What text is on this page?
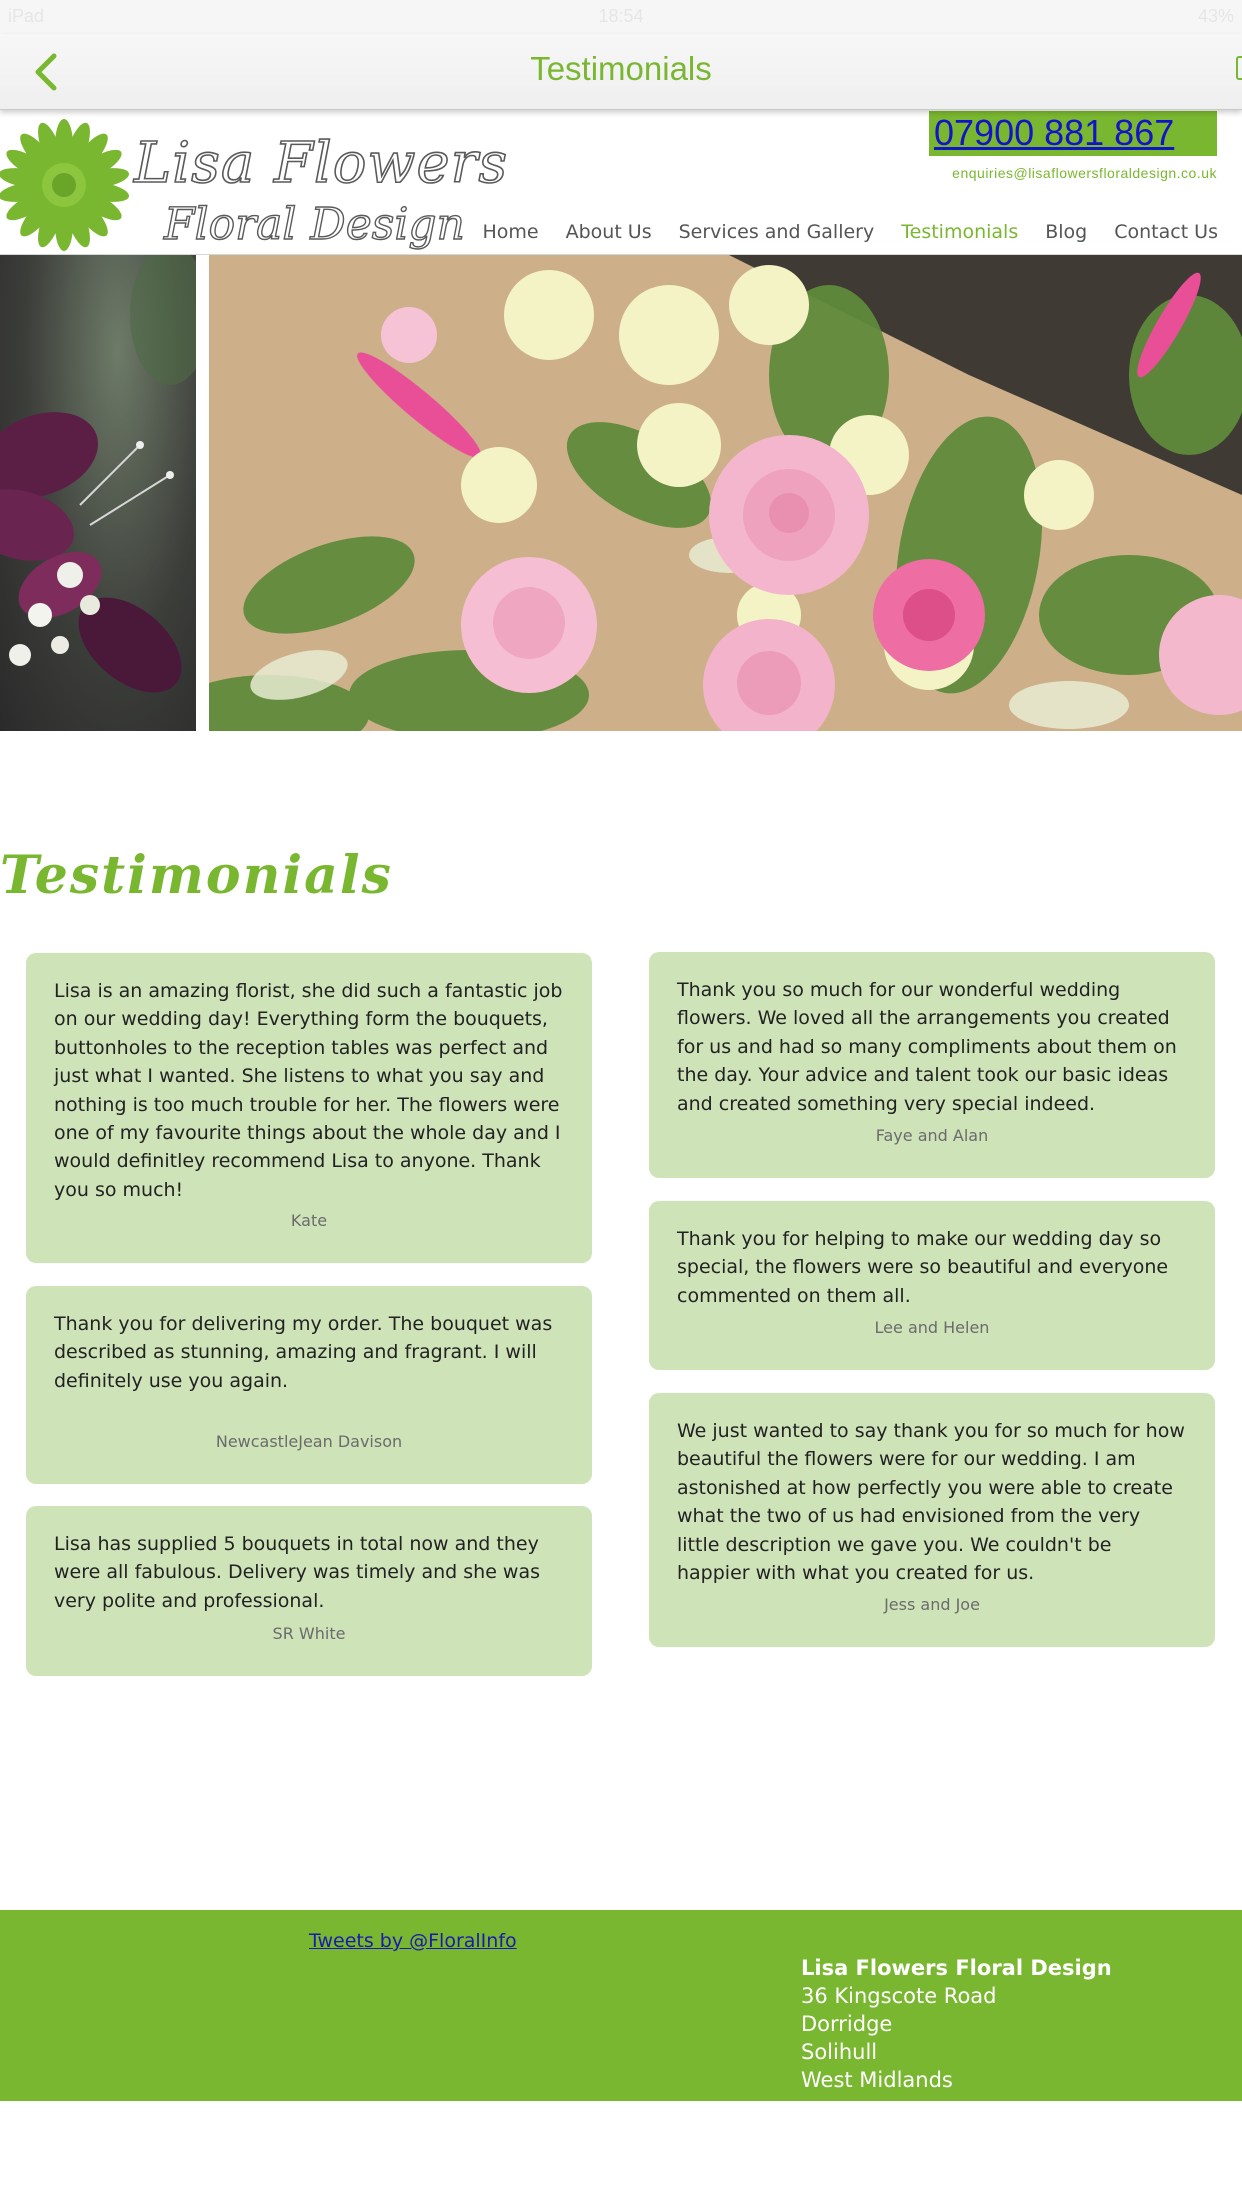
iPad	18:54	43%
Testimonials
Lisa Flowers
Floral Design
07900 881 867
enquiries@lisaflowersfloraldesign.co.uk
Home About Us Services and Gallery Testimonials Blog Contact Us
Testimonials

Lisa is an amazing florist, she did such a fantastic job on our wedding day! Everything form the bouquets, buttonholes to the reception tables was perfect and just what I wanted. She listens to what you say and nothing is too much trouble for her. The flowers were one of my favourite things about the whole day and I would definitley recommend Lisa to anyone. Thank you so much!

Kate

Thank you for delivering my order. The bouquet was described as stunning, amazing and fragrant. I will definitely use you again.

NewcastleJean Davison

Lisa has supplied 5 bouquets in total now and they were all fabulous. Delivery was timely and she was very polite and professional.

SR White

Thank you so much for our wonderful wedding flowers. We loved all the arrangements you created for us and had so many compliments about them on the day. Your advice and talent took our basic ideas and created something very special indeed.

Faye and Alan

Thank you for helping to make our wedding day so special, the flowers were so beautiful and everyone commented on them all.

Lee and Helen

We just wanted to say thank you for so much for how beautiful the flowers were for our wedding. I am astonished at how perfectly you were able to create what the two of us had envisioned from the very little description we gave you. We couldn't be happier with what you created for us.

Jess and Joe
Tweets by @FloralInfo
Lisa Flowers Floral Design
36 Kingscote Road
Dorridge
Solihull
West Midlands
